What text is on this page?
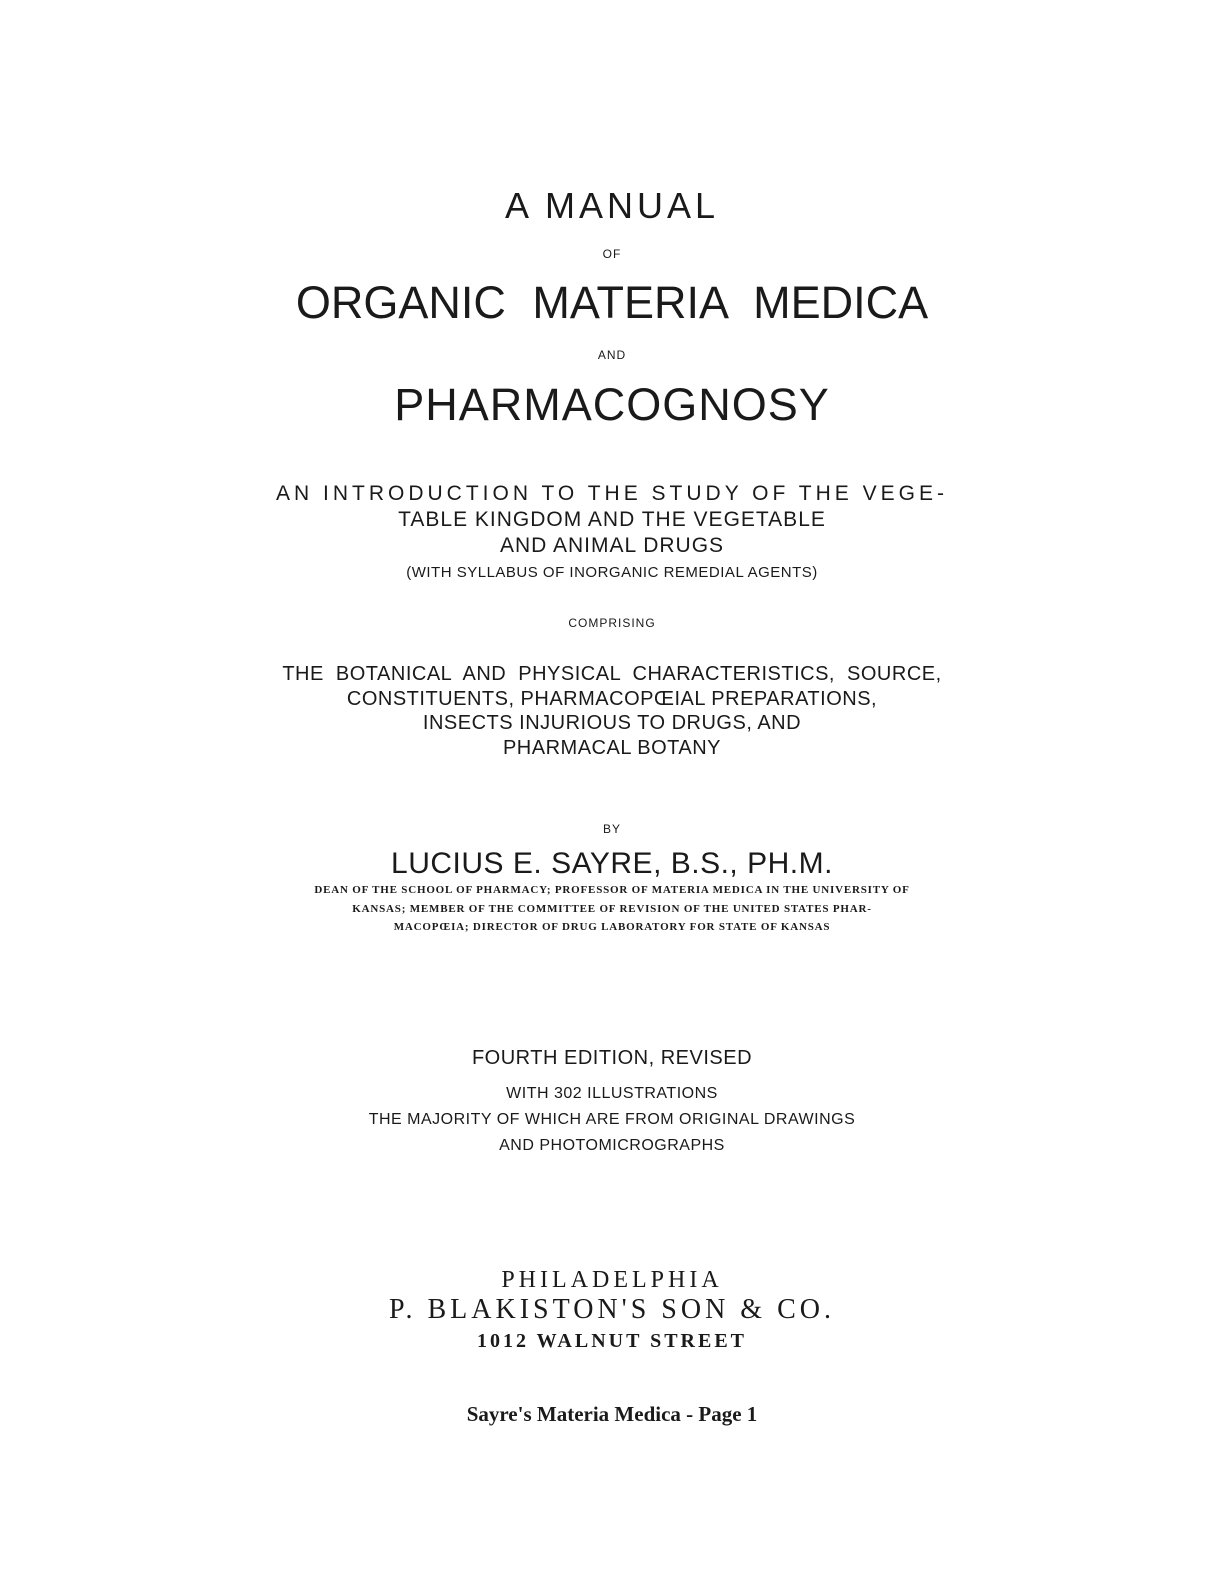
A MANUAL
OF
ORGANIC MATERIA MEDICA
AND
PHARMACOGNOSY
AN INTRODUCTION TO THE STUDY OF THE VEGE-
TABLE KINGDOM AND THE VEGETABLE
AND ANIMAL DRUGS
(WITH SYLLABUS OF INORGANIC REMEDIAL AGENTS)
COMPRISING
THE BOTANICAL AND PHYSICAL CHARACTERISTICS, SOURCE,
CONSTITUENTS, PHARMACOPŒIAL PREPARATIONS,
INSECTS INJURIOUS TO DRUGS, AND
PHARMACAL BOTANY
BY
LUCIUS E. SAYRE, B.S., PH.M.
DEAN OF THE SCHOOL OF PHARMACY; PROFESSOR OF MATERIA MEDICA IN THE UNIVERSITY OF
KANSAS; MEMBER OF THE COMMITTEE OF REVISION OF THE UNITED STATES PHAR-
MACOPŒIA; DIRECTOR OF DRUG LABORATORY FOR STATE OF KANSAS
FOURTH EDITION, REVISED
WITH 302 ILLUSTRATIONS
THE MAJORITY OF WHICH ARE FROM ORIGINAL DRAWINGS
AND PHOTOMICROGRAPHS
PHILADELPHIA
P. BLAKISTON'S SON & CO.
1012 WALNUT STREET
Sayre's Materia Medica - Page 1
